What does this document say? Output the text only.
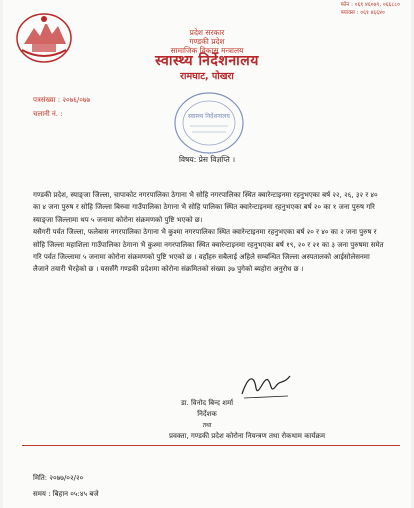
फोन : ०६१ ४६०७९, ०६६८८०
फ्याक्स : ०६१ ४६६४०
प्रदेश सरकार
गण्डकी प्रदेश
सामाजिक विकास मन्त्रालय
स्वास्थ्य निर्देशनालय
रामघाट, पोखरा
पत्रसंख्या : २०७६/०७७
चलानी नं. :	स्वास्थ्य निर्देशनालय
विषय: प्रेस विज्ञप्ति ।

गण्डकी प्रदेश, स्याङ्जा जिल्ला, चापाकोट नगरपालिका ठेगाना भै सोहि नगरपालिका स्थित क्वारेन्टाइनमा रहनुभएका बर्ष २२, २६, ३२ र ४० का ४ जना पुरुष र सोहि जिल्ला बिरुवा गाउँपालिका ठेगाना भै सोहि पालिका स्थित क्वारेन्टाइनमा रहनुभएका बर्ष २० का १ जना पुरुष गरि स्याङ्जा जिल्लामा थप ५ जनामा कोरोना संक्रमणको पुष्टि भएको छ।

यसैगरी पर्वत जिल्ला, फलेबास नगरपालिका ठेगाना भै कुश्मा नगरपालिका स्थित क्वारेन्टाइनमा रहनुभएका बर्ष २० र ४० का २ जना पुरुष र सोहि जिल्ला महाशिला गाउँपालिका ठेगाना भै कुश्मा नगरपालिका स्थित क्वारेन्टाइनमा रहनुभएका बर्ष १९, २० र २१ का ३ जना पुरुषमा समेत गरि पर्वत जिल्लामा ५ जनामा कोरोना संक्रमणको पुष्टि भएको छ । वहाँहरु सबैलाई अहिले सम्बन्धित जिल्ला अस्पतालको आईसोलेसनमा लैजाने तयारी भैरहेको छ । यससँगै गण्डकी प्रदेशमा कोरोना संक्रमितको संख्या ३७ पुगेको ब्यहोरा अनुरोध छ ।

डा. विनोद बिन्द शर्मा
निर्देशक
तथा
प्रवक्ता, गण्डकी प्रदेश कोरोना नियन्त्रण तथा रोकथाम कार्यक्रम
मिति: २०७७/०२/२०
समय : बिहान ०५:४५ बजे
